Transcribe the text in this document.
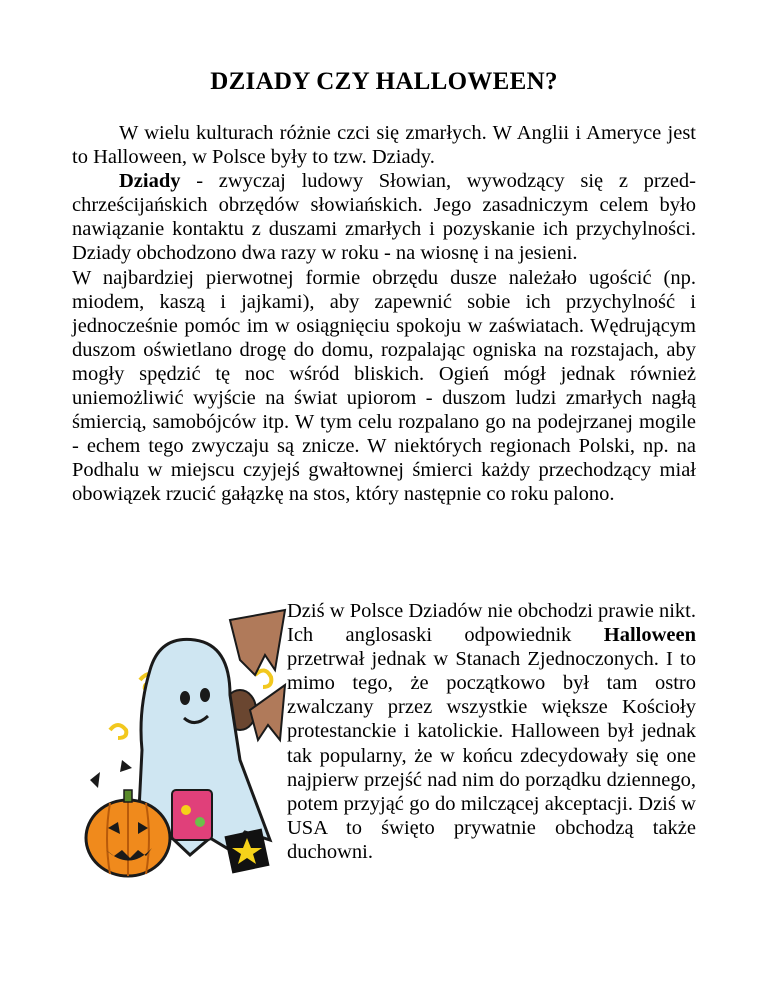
DZIADY CZY HALLOWEEN?

W wielu kulturach różnie czci się zmarłych. W Anglii i Ameryce jest to Halloween, w Polsce były to tzw. Dziady.

Dziady - zwyczaj ludowy Słowian, wywodzący się z przed-chrześcijańskich obrzędów słowiańskich. Jego zasadniczym celem było nawiązanie kontaktu z duszami zmarłych i pozyskanie ich przychylności. Dziady obchodzono dwa razy w roku - na wiosnę i na jesieni.

W najbardziej pierwotnej formie obrzędu dusze należało ugościć (np. miodem, kaszą i jajkami), aby zapewnić sobie ich przychylność i jednocześnie pomóc im w osiągnięciu spokoju w zaświatach. Wędrującym duszom oświetlano drogę do domu, rozpalając ogniska na rozstajach, aby mogły spędzić tę noc wśród bliskich. Ogień mógł jednak również uniemożliwić wyjście na świat upiorom - duszom ludzi zmarłych nagłą śmiercią, samobójców itp. W tym celu rozpalano go na podejrzanej mogile - echem tego zwyczaju są znicze. W niektórych regionach Polski, np. na Podhalu w miejscu czyjejś gwałtownej śmierci każdy przechodzący miał obowiązek rzucić gałązkę na stos, który następnie co roku palono.

Dziś w Polsce Dziadów nie obchodzi prawie nikt. Ich anglosaski odpowiednik Halloween przetrwał jednak w Stanach Zjednoczonych. I to mimo tego, że początkowo był tam ostro zwalczany przez wszystkie większe Kościoły protestanckie i katolickie. Halloween był jednak tak popularny, że w końcu zdecydowały się one najpierw przejść nad nim do porządku dziennego, potem przyjąć go do milczącej akceptacji. Dziś w USA to święto prywatnie obchodzą także duchowni.
